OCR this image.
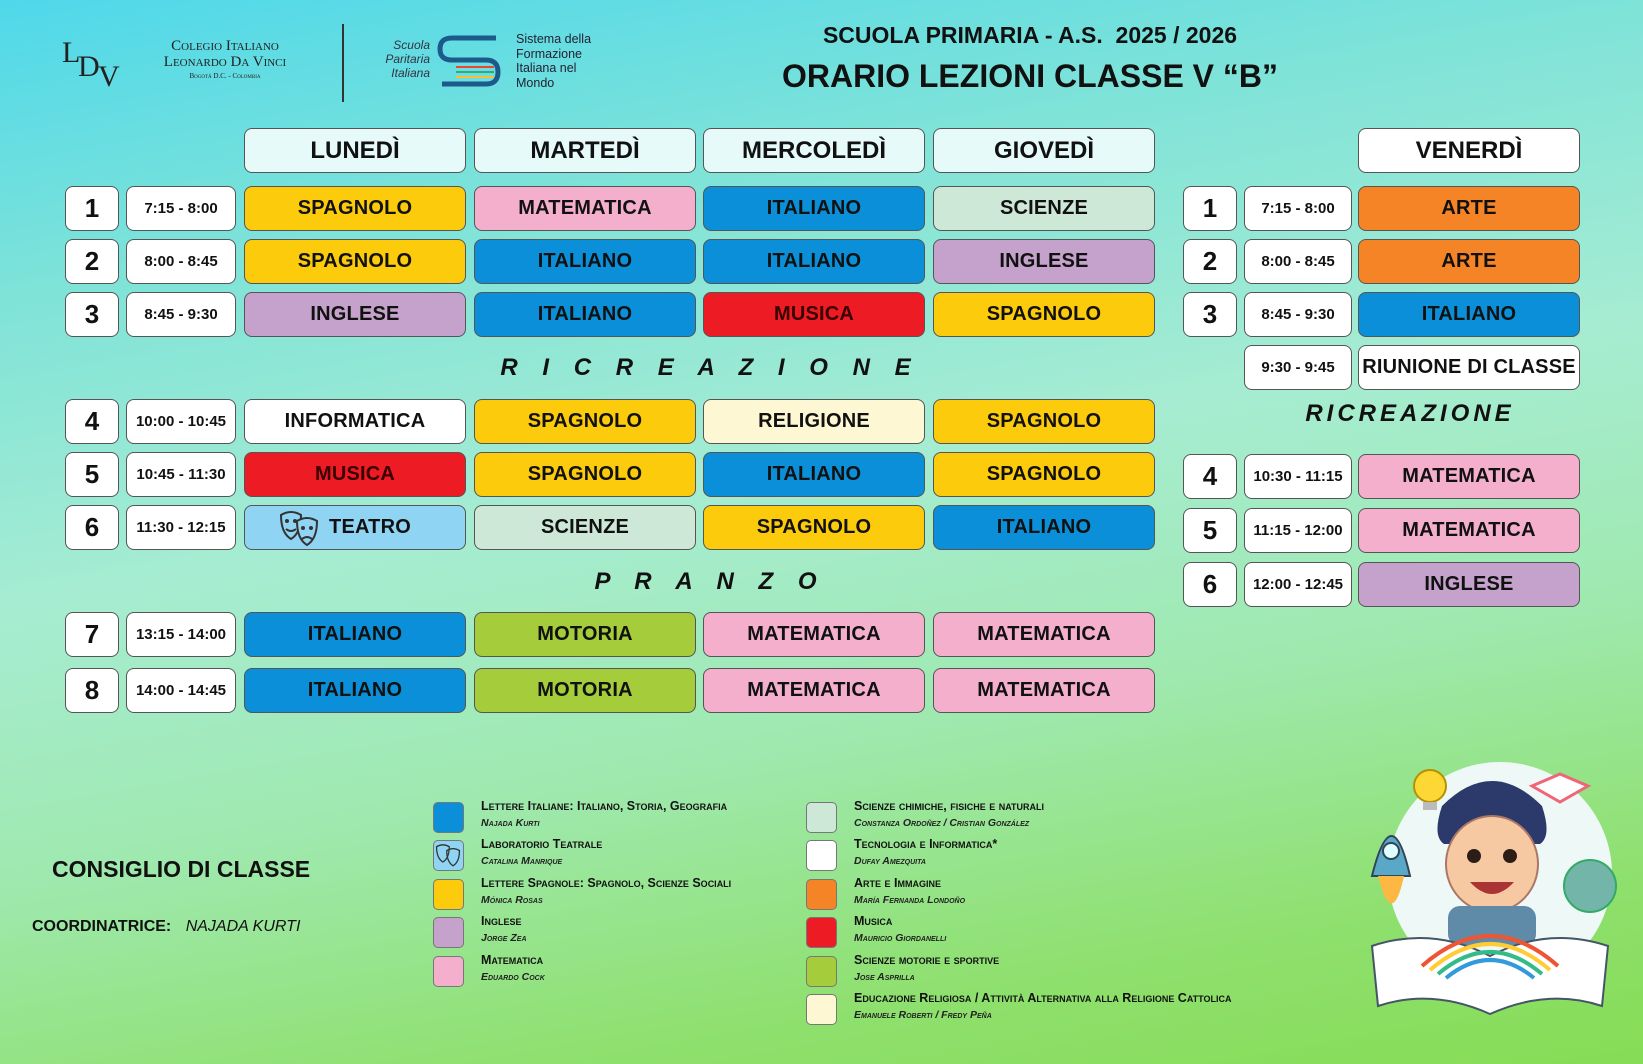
L
D
V
Colegio Italiano
Leonardo Da Vinci
Bogotá D.C. - Colombia
Scuola
Paritaria
Italiana
Sistema della
Formazione
Italiana nel
Mondo
SCUOLA PRIMARIA - A.S.  2025 / 2026
ORARIO LEZIONI CLASSE V “B”
LUNEDÌ	MARTEDÌ	MERCOLEDÌ	GIOVEDÌ	VENERDÌ
1	7:15 - 8:00	SPAGNOLO	MATEMATICA	ITALIANO	SCIENZE
2	8:00 - 8:45	SPAGNOLO	ITALIANO	ITALIANO	INGLESE
3	8:45 - 9:30	INGLESE	ITALIANO	MUSICA	SPAGNOLO
4	10:00 - 10:45	INFORMATICA	SPAGNOLO	RELIGIONE	SPAGNOLO
5	10:45 - 11:30	MUSICA	SPAGNOLO	ITALIANO	SPAGNOLO
6	11:30 - 12:15	TEATRO	SCIENZE	SPAGNOLO	ITALIANO
7	13:15 - 14:00	ITALIANO	MOTORIA	MATEMATICA	MATEMATICA
8	14:00 - 14:45	ITALIANO	MOTORIA	MATEMATICA	MATEMATICA
R I C R E A Z I O N E
P R A N Z O
1	7:15 - 8:00	ARTE
2	8:00 - 8:45	ARTE
3	8:45 - 9:30	ITALIANO
9:30 - 9:45	RIUNIONE DI CLASSE
4	10:30 - 11:15	MATEMATICA
5	11:15 - 12:00	MATEMATICA
6	12:00 - 12:45	INGLESE
RICREAZIONE
CONSIGLIO DI CLASSE
COORDINATRICE: NAJADA KURTI
Lettere Italiane: Italiano, Storia, Geografia
Najada Kurti
Laboratorio Teatrale
Catalina Manrique
Lettere Spagnole: Spagnolo, Scienze Sociali
Mónica Rosas
Inglese
Jorge Zea
Matematica
Eduardo Cock
Scienze chimiche, fisiche e naturali
Constanza Ordoñez / Cristian González
Tecnologia e Informatica*
Dufay Amezquita
Arte e Immagine
María Fernanda Londoño
Musica
Mauricio Giordanelli
Scienze motorie e sportive
Jose Asprilla
Educazione Religiosa / Attività Alternativa alla Religione Cattolica
Emanuele Roberti / Fredy Peña
